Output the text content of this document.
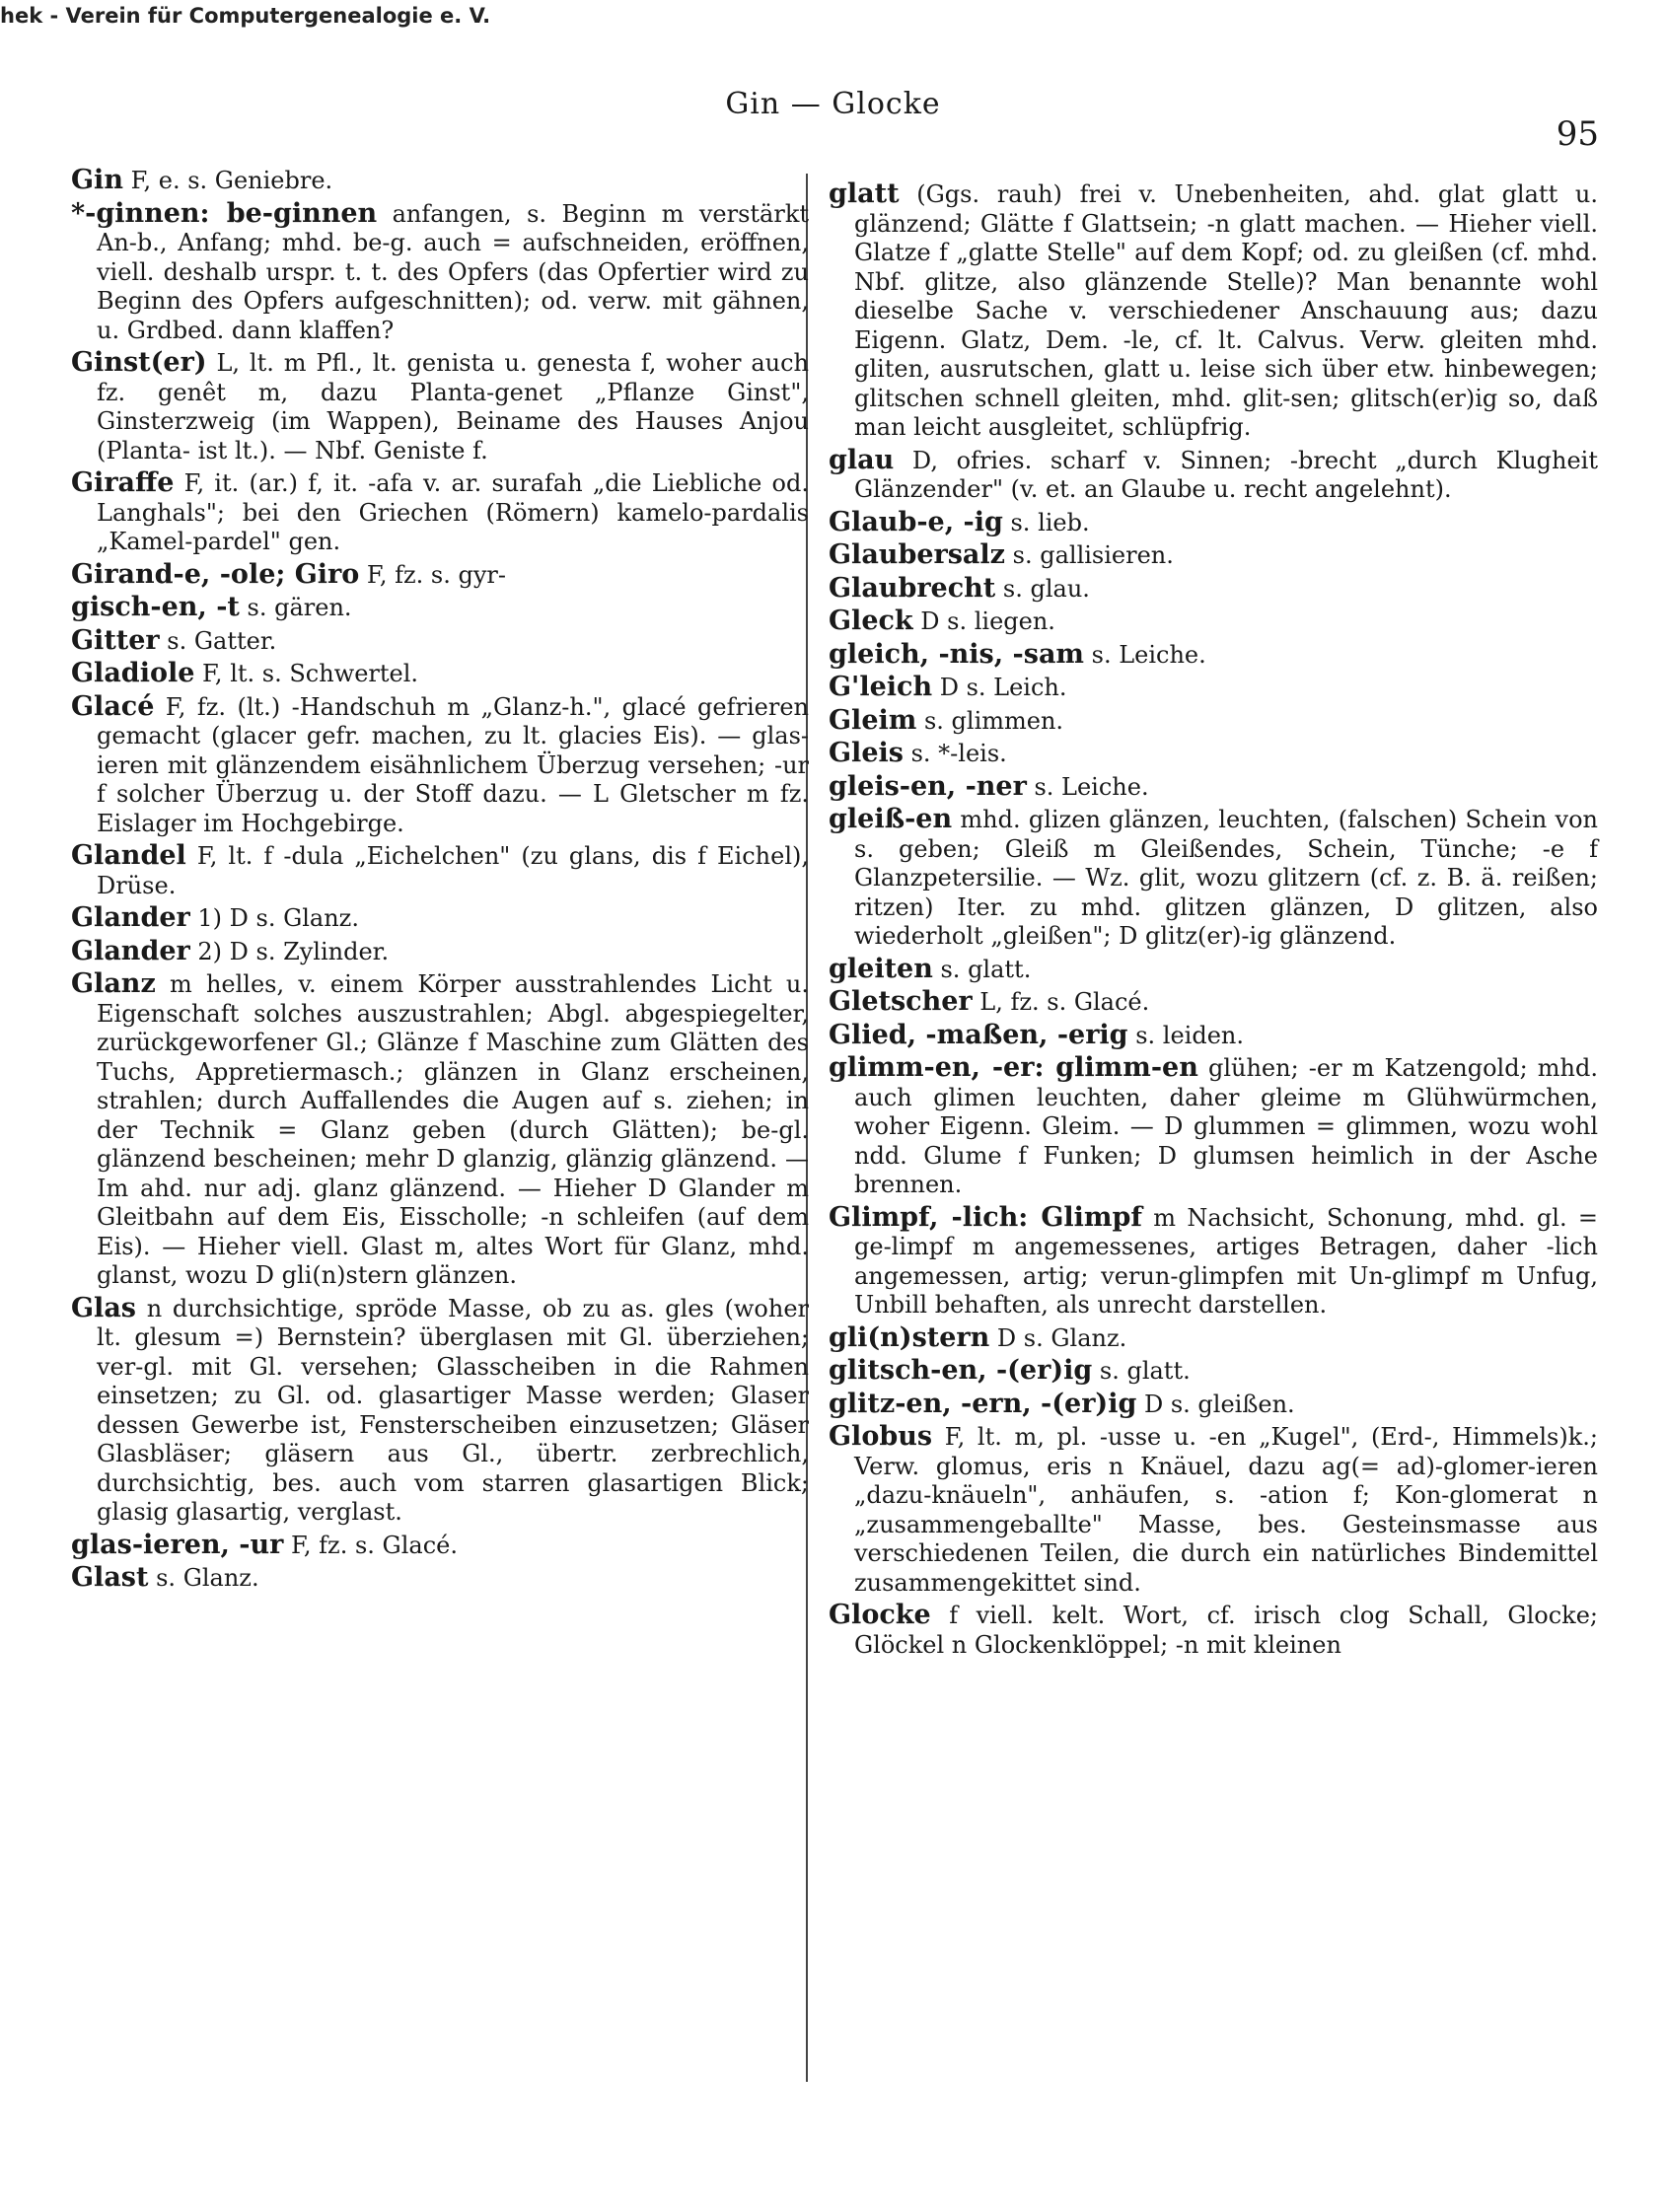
hek - Verein für Computergenealogie e. V.
Gin — Glocke
95

Gin F, e. s. Geniebre.

*-ginnen: be-ginnen anfangen, s. Beginn m verstärkt An-b., Anfang; mhd. be-g. auch = aufschneiden, eröffnen, viell. deshalb urspr. t. t. des Opfers (das Opfertier wird zu Beginn des Opfers aufgeschnitten); od. verw. mit gähnen, u. Grdbed. dann klaffen?

Ginst(er) L, lt. m Pfl., lt. genista u. genesta f, woher auch fz. genêt m, dazu Planta-genet „Pflanze Ginst", Ginsterzweig (im Wappen), Beiname des Hauses Anjou (Planta- ist lt.). — Nbf. Geniste f.

Giraffe F, it. (ar.) f, it. -afa v. ar. surafah „die Liebliche od. Langhals"; bei den Griechen (Römern) kamelo-pardalis „Kamel-pardel" gen.

Girand-e, -ole; Giro F, fz. s. gyr-

gisch-en, -t s. gären.

Gitter s. Gatter.

Gladiole F, lt. s. Schwertel.

Glacé F, fz. (lt.) -Handschuh m „Glanz-h.", glacé gefrieren gemacht (glacer gefr. machen, zu lt. glacies Eis). — glas-ieren mit glänzendem eisähnlichem Überzug versehen; -ur f solcher Überzug u. der Stoff dazu. — L Gletscher m fz. Eislager im Hochgebirge.

Glandel F, lt. f -dula „Eichelchen" (zu glans, dis f Eichel), Drüse.

Glander 1) D s. Glanz.

Glander 2) D s. Zylinder.

Glanz m helles, v. einem Körper ausstrahlendes Licht u. Eigenschaft solches auszustrahlen; Abgl. abgespiegelter, zurückgeworfener Gl.; Glänze f Maschine zum Glätten des Tuchs, Appretiermasch.; glänzen in Glanz erscheinen, strahlen; durch Auffallendes die Augen auf s. ziehen; in der Technik = Glanz geben (durch Glätten); be-gl. glänzend bescheinen; mehr D glanzig, glänzig glänzend. — Im ahd. nur adj. glanz glänzend. — Hieher D Glander m Gleitbahn auf dem Eis, Eisscholle; -n schleifen (auf dem Eis). — Hieher viell. Glast m, altes Wort für Glanz, mhd. glanst, wozu D gli(n)stern glänzen.

Glas n durchsichtige, spröde Masse, ob zu as. gles (woher lt. glesum =) Bernstein? überglasen mit Gl. überziehen; ver-gl. mit Gl. versehen; Glasscheiben in die Rahmen einsetzen; zu Gl. od. glasartiger Masse werden; Glaser dessen Gewerbe ist, Fensterscheiben einzusetzen; Gläser Glasbläser; gläsern aus Gl., übertr. zerbrechlich, durchsichtig, bes. auch vom starren glasartigen Blick; glasig glasartig, verglast.

glas-ieren, -ur F, fz. s. Glacé.

Glast s. Glanz.

glatt (Ggs. rauh) frei v. Unebenheiten, ahd. glat glatt u. glänzend; Glätte f Glattsein; -n glatt machen. — Hieher viell. Glatze f „glatte Stelle" auf dem Kopf; od. zu gleißen (cf. mhd. Nbf. glitze, also glänzende Stelle)? Man benannte wohl dieselbe Sache v. verschiedener Anschauung aus; dazu Eigenn. Glatz, Dem. -le, cf. lt. Calvus. Verw. gleiten mhd. gliten, ausrutschen, glatt u. leise sich über etw. hinbewegen; glitschen schnell gleiten, mhd. glit-sen; glitsch(er)ig so, daß man leicht ausgleitet, schlüpfrig.

glau D, ofries. scharf v. Sinnen; -brecht „durch Klugheit Glänzender" (v. et. an Glaube u. recht angelehnt).

Glaub-e, -ig s. lieb.

Glaubersalz s. gallisieren.

Glaubrecht s. glau.

Gleck D s. liegen.

gleich, -nis, -sam s. Leiche.

G'leich D s. Leich.

Gleim s. glimmen.

Gleis s. *-leis.

gleis-en, -ner s. Leiche.

gleiß-en mhd. glizen glänzen, leuchten, (falschen) Schein von s. geben; Gleiß m Gleißendes, Schein, Tünche; -e f Glanzpetersilie. — Wz. glit, wozu glitzern (cf. z. B. ä. reißen; ritzen) Iter. zu mhd. glitzen glänzen, D glitzen, also wiederholt „gleißen"; D glitz(er)-ig glänzend.

gleiten s. glatt.

Gletscher L, fz. s. Glacé.

Glied, -maßen, -erig s. leiden.

glimm-en, -er: glimm-en glühen; -er m Katzengold; mhd. auch glimen leuchten, daher gleime m Glühwürmchen, woher Eigenn. Gleim. — D glummen = glimmen, wozu wohl ndd. Glume f Funken; D glumsen heimlich in der Asche brennen.

Glimpf, -lich: Glimpf m Nachsicht, Schonung, mhd. gl. = ge-limpf m angemessenes, artiges Betragen, daher -lich angemessen, artig; verun-glimpfen mit Un-glimpf m Unfug, Unbill behaften, als unrecht darstellen.

gli(n)stern D s. Glanz.

glitsch-en, -(er)ig s. glatt.

glitz-en, -ern, -(er)ig D s. gleißen.

Globus F, lt. m, pl. -usse u. -en „Kugel", (Erd-, Himmels)k.; Verw. glomus, eris n Knäuel, dazu ag(= ad)-glomer-ieren „dazu-knäueln", anhäufen, s. -ation f; Kon-glomerat n „zusammengeballte" Masse, bes. Gesteinsmasse aus verschiedenen Teilen, die durch ein natürliches Bindemittel zusammengekittet sind.

Glocke f viell. kelt. Wort, cf. irisch clog Schall, Glocke; Glöckel n Glockenklöppel; -n mit kleinen
